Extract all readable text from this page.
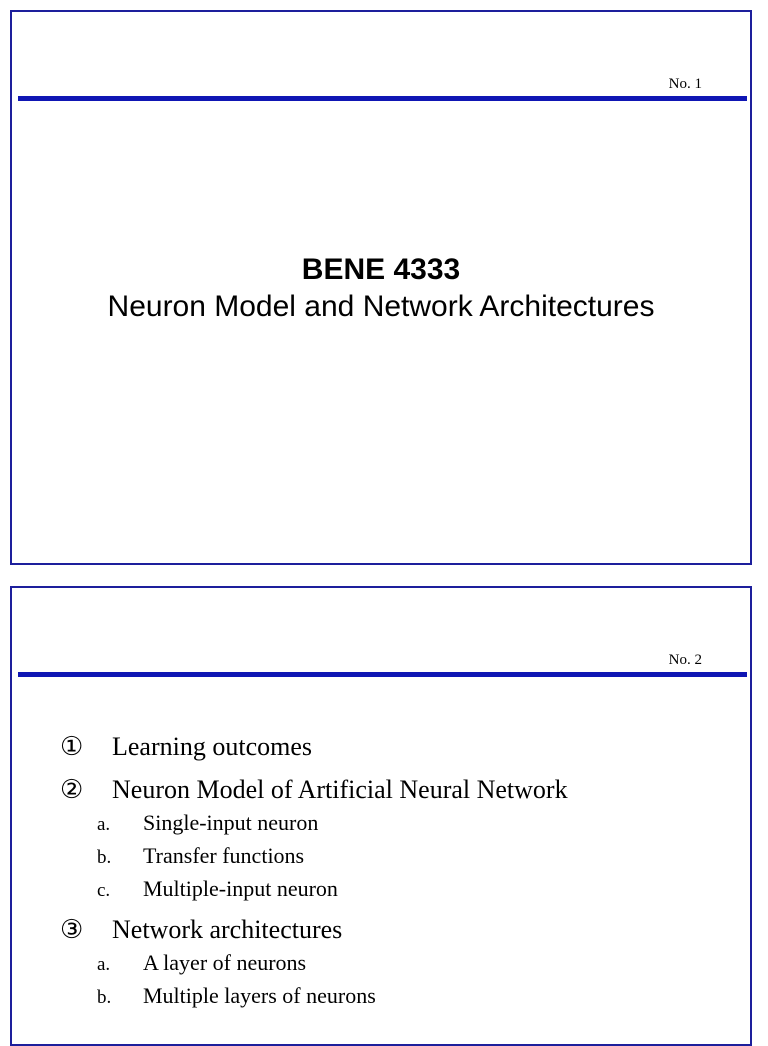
No. 1
BENE 4333
Neuron Model and Network Architectures
No. 2
①	Learning outcomes
②	Neuron Model of Artificial Neural Network
a.	Single-input neuron
b.	Transfer functions
c.	Multiple-input neuron
③	Network architectures
a.	A layer of neurons
b.	Multiple layers of neurons
